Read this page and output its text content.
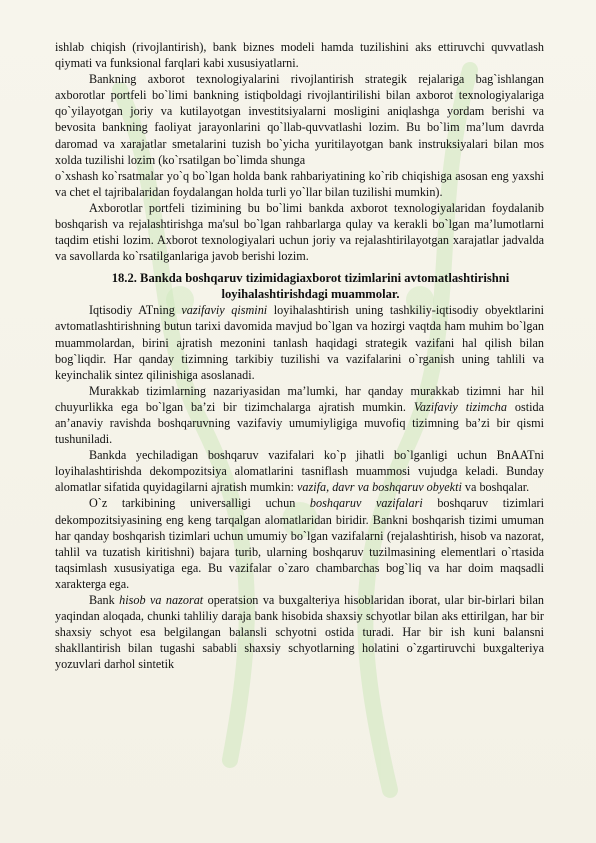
ishlab chiqish (rivojlantirish), bank biznes modeli hamda tuzilishini aks ettiruvchi quvvatlash qiymati va funksional farqlari kabi xususiyatlarni.

Bankning axborot texnologiyalarini rivojlantirish strategik rejalariga bag`ishlangan axborotlar portfeli bo`limi bankning istiqboldagi rivojlantirilishi bilan axborot texnologiyalariga qo`yilayotgan joriy va kutilayotgan investitsiyalarni mosligini aniqlashga yordam berishi va bevosita bankning faoliyat jarayonlarini qo`llab-quvvatlashi lozim. Bu bo`lim ma’lum davrda daromad va xarajatlar smetalarini tuzish bo`yicha yuritilayotgan bank instruksiyalari bilan mos xolda tuzilishi lozim (ko`rsatilgan bo`limda shunga

o`xshash ko`rsatmalar yo`q bo`lgan holda bank rahbariyatining ko`rib chiqishiga asosan eng yaxshi va chet el tajribalaridan foydalangan holda turli yo`llar bilan tuzilishi mumkin).

Axborotlar portfeli tizimining bu bo`limi bankda axborot texnologiyalaridan foydalanib boshqarish va rejalashtirishga ma'sul bo`lgan rahbarlarga qulay va kerakli bo`lgan ma’lumotlarni taqdim etishi lozim. Axborot texnologiyalari uchun joriy va rejalashtirilayotgan xarajatlar jadvalda va savollarda ko`rsatilganlariga javob berishi lozim.

18.2. Bankda boshqaruv tizimidagiaxborot tizimlarini avtomatlashtirishni loyihalashtirishdagi muammolar.

Iqtisodiy ATning vazifaviy qismini loyihalashtirish uning tashkiliy-iqtisodiy obyektlarini avtomatlashtirishning butun tarixi davomida mavjud bo`lgan va hozirgi vaqtda ham muhim bo`lgan muammolardan, birini ajratish mezonini tanlash haqidagi strategik vazifani hal qilish bilan bog`liqdir. Har qanday tizimning tarkibiy tuzilishi va vazifalarini o`rganish uning tahlili va keyinchalik sintez qilinishiga asoslanadi.

Murakkab tizimlarning nazariyasidan ma’lumki, har qanday murakkab tizimni har hil chuyurlikka ega bo`lgan ba’zi bir tizimchalarga ajratish mumkin. Vazifaviy tizimcha ostida an’anaviy ravishda boshqaruvning vazifaviy umumiyligiga muvofiq tizimning ba’zi bir qismi tushuniladi.

Bankda yechiladigan boshqaruv vazifalari ko`p jihatli bo`lganligi uchun BnAATni loyihalashtirishda dekompozitsiya alomatlarini tasniflash muammosi vujudga keladi. Bunday alomatlar sifatida quyidagilarni ajratish mumkin: vazifa, davr va boshqaruv obyekti va boshqalar.

O`z tarkibining universalligi uchun boshqaruv vazifalari boshqaruv tizimlari dekompozitsiyasining eng keng tarqalgan alomatlaridan biridir. Bankni boshqarish tizimi umuman har qanday boshqarish tizimlari uchun umumiy bo`lgan vazifalarni (rejalashtirish, hisob va nazorat, tahlil va tuzatish kiritishni) bajara turib, ularning boshqaruv tuzilmasining elementlari o`rtasida taqsimlash xususiyatiga ega. Bu vazifalar o`zaro chambarchas bog`liq va har doim maqsadli xarakterga ega.

Bank hisob va nazorat operatsion va buxgalteriya hisoblaridan iborat, ular bir-birlari bilan yaqindan aloqada, chunki tahliliy daraja bank hisobida shaxsiy schyotlar bilan aks ettirilgan, har bir shaxsiy schyot esa belgilangan balansli schyotni ostida turadi. Har bir ish kuni balansni shakllantirish bilan tugashi sababli shaxsiy schyotlarning holatini o`zgartiruvchi buxgalteriya yozuvlari darhol sintetik
